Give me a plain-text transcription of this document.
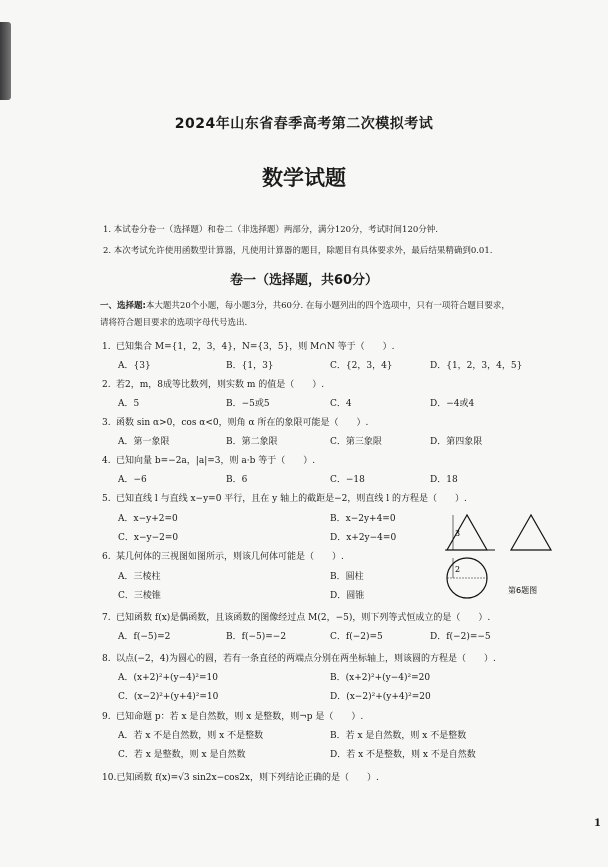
2024年山东省春季高考第二次模拟考试
数学试题
1. 本试卷分卷一（选择题）和卷二（非选择题）两部分，满分120分，考试时间120分钟.
2. 本次考试允许使用函数型计算器，凡使用计算器的题目，除题目有具体要求外，最后结果精确到0.01.
卷一（选择题，共60分）
一、选择题:本大题共20个小题，每小题3分，共60分. 在每小题列出的四个选项中，只有一项符合题目要求，
请将符合题目要求的选项字母代号选出.
1. 已知集合 M={1，2，3，4}，N={3，5}，则 M∩N 等于（　　）.
A．{3}	B．{1，3}	C．{2，3，4}	D．{1，2，3，4，5}
2. 若2，m，8成等比数列，则实数 m 的值是（　　）.
A．5	B．−5或5	C．4	D．−4或4
3. 函数 sin α>0，cos α<0，则角 α 所在的象限可能是（　　）.
A．第一象限	B．第二象限	C．第三象限	D．第四象限
4. 已知向量 b=−2a，|a|=3，则 a·b 等于（　　）.
A．−6	B．6	C．−18	D．18
5. 已知直线 l 与直线 x−y=0 平行，且在 y 轴上的截距是−2，则直线 l 的方程是（　　）.
A．x−y+2=0	B．x−2y+4=0
C．x−y−2=0	D．x+2y−4=0
6. 某几何体的三视图如图所示，则该几何体可能是（　　）.
A．三棱柱	B．圆柱
C．三棱锥	D．圆锥
3
2
第6题图
7. 已知函数 f(x)是偶函数，且该函数的图像经过点 M(2，−5)，则下列等式恒成立的是（　　）.
A．f(−5)=2	B．f(−5)=−2	C．f(−2)=5	D．f(−2)=−5
8. 以点(−2，4)为圆心的圆，若有一条直径的两端点分别在两坐标轴上，则该圆的方程是（　　）.
A．(x+2)²+(y−4)²=10	B．(x+2)²+(y−4)²=20
C．(x−2)²+(y+4)²=10	D．(x−2)²+(y+4)²=20
9. 已知命题 p：若 x 是自然数，则 x 是整数，则¬p 是（　　）.
A．若 x 不是自然数，则 x 不是整数	B．若 x 是自然数，则 x 不是整数
C．若 x 是整数，则 x 是自然数	D．若 x 不是整数，则 x 不是自然数
10.已知函数 f(x)=√3 sin2x−cos2x，则下列结论正确的是（　　）.
1
